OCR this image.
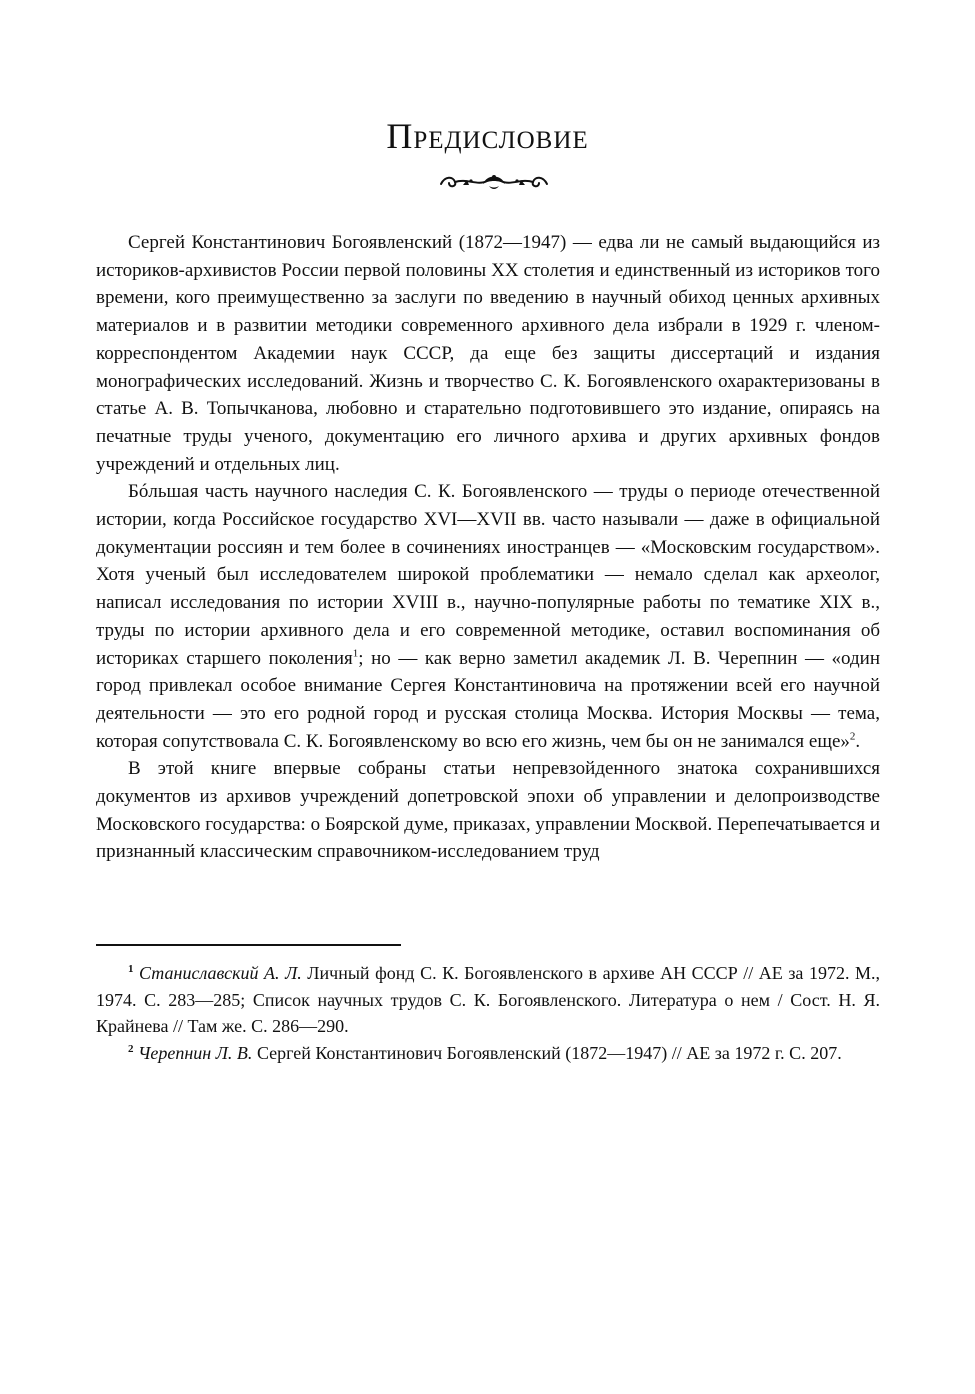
Предисловие

Сергей Константинович Богоявленский (1872—1947) — едва ли не самый выдающийся из историков-архивистов России первой половины XX столетия и единственный из историков того времени, кого преимущественно за заслуги по введению в научный обиход ценных архивных материалов и в развитии методики современного архивного дела избрали в 1929 г. членом-корреспондентом Академии наук СССР, да еще без защиты диссертаций и издания монографических исследований. Жизнь и творчество С. К. Богоявленского охарактеризованы в статье А. В. Топычканова, любовно и старательно подготовившего это издание, опираясь на печатные труды ученого, документацию его личного архива и других архивных фондов учреждений и отдельных лиц.

Бóльшая часть научного наследия С. К. Богоявленского — труды о периоде отечественной истории, когда Российское государство XVI—XVII вв. часто называли — даже в официальной документации россиян и тем более в сочинениях иностранцев — «Московским государством». Хотя ученый был исследователем широкой проблематики — немало сделал как археолог, написал исследования по истории XVIII в., научно-популярные работы по тематике XIX в., труды по истории архивного дела и его современной методике, оставил воспоминания об историках старшего поколения$^1$; но — как верно заметил академик Л. В. Черепнин — «один город привлекал особое внимание Сергея Константиновича на протяжении всей его научной деятельности — это его родной город и русская столица Москва. История Москвы — тема, которая сопутствовала С. К. Богоявленскому во всю его жизнь, чем бы он не занимался еще»$^2$.

В этой книге впервые собраны статьи непревзойденного знатока сохранившихся документов из архивов учреждений допетровской эпохи об управлении и делопроизводстве Московского государства: о Боярской думе, приказах, управлении Москвой. Перепечатывается и признанный классическим справочником-исследованием труд

$^1$ Станиславский А. Л. Личный фонд С. К. Богоявленского в архиве АН СССР // АЕ за 1972. М., 1974. С. 283—285; Список научных трудов С. К. Богоявленского. Литература о нем / Сост. Н. Я. Крайнева // Там же. С. 286—290.

$^2$ Черепнин Л. В. Сергей Константинович Богоявленский (1872—1947) // АЕ за 1972 г. С. 207.
